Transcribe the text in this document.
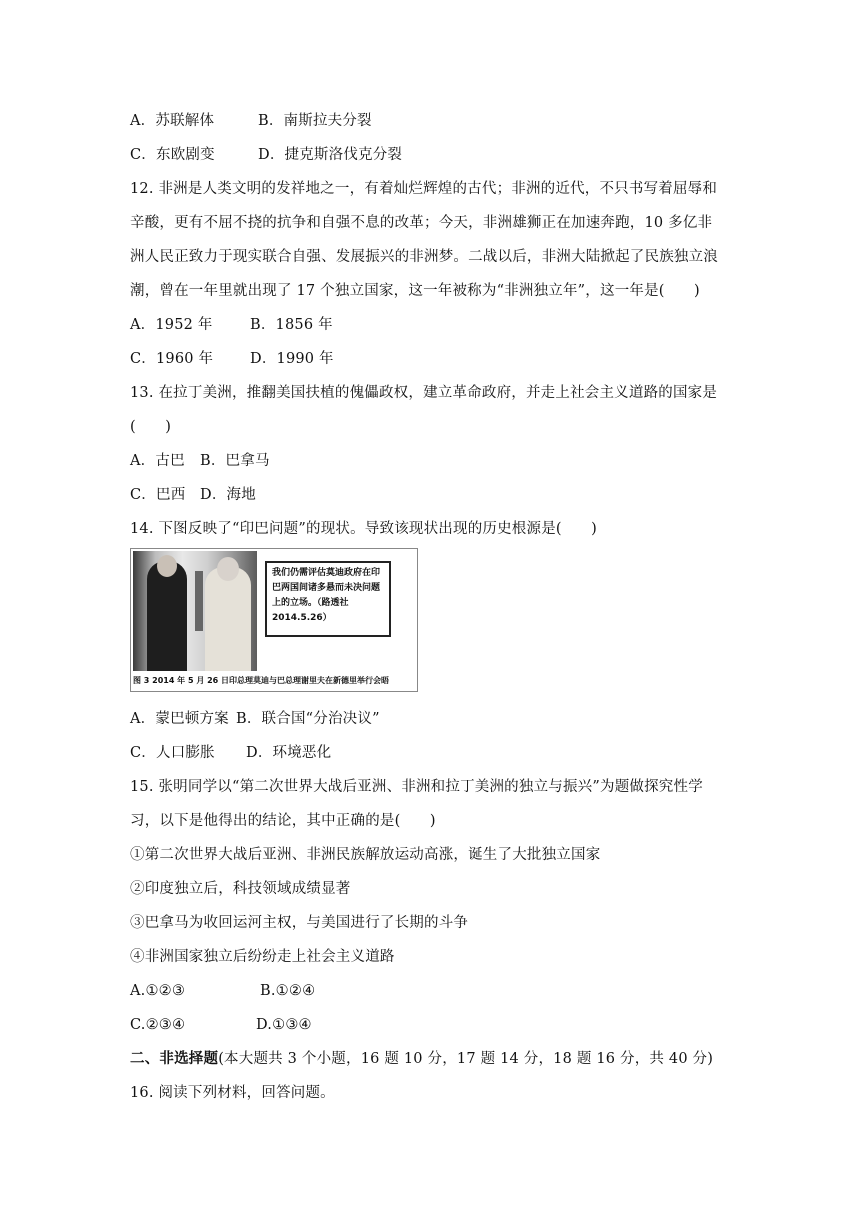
A．苏联解体	B．南斯拉夫分裂
C．东欧剧变	D．捷克斯洛伐克分裂
12. 非洲是人类文明的发祥地之一，有着灿烂辉煌的古代；非洲的近代，不只书写着屈辱和
辛酸，更有不屈不挠的抗争和自强不息的改革；今天，非洲雄狮正在加速奔跑，10 多亿非
洲人民正致力于现实联合自强、发展振兴的非洲梦。二战以后，非洲大陆掀起了民族独立浪
潮，曾在一年里就出现了 17 个独立国家，这一年被称为“非洲独立年”，这一年是(　　)
A．1952 年	B．1856 年
C．1960 年	D．1990 年
13. 在拉丁美洲，推翻美国扶植的傀儡政权，建立革命政府，并走上社会主义道路的国家是
(　　)
A．古巴 B．巴拿马
C．巴西 D．海地
14. 下图反映了“印巴问题”的现状。导致该现状出现的历史根源是(　　)
我们仍需评估莫迪政府在印巴两国间诸多悬而未决问题上的立场。（路透社2014.5.26）
图 3 2014 年 5 月 26 日印总理莫迪与巴总理谢里夫在新德里举行会晤
A．蒙巴顿方案 B．联合国“分治决议”
C．人口膨胀 D．环境恶化
15. 张明同学以“第二次世界大战后亚洲、非洲和拉丁美洲的独立与振兴”为题做探究性学
习，以下是他得出的结论，其中正确的是(　　)
①第二次世界大战后亚洲、非洲民族解放运动高涨，诞生了大批独立国家
②印度独立后，科技领域成绩显著
③巴拿马为收回运河主权，与美国进行了长期的斗争
④非洲国家独立后纷纷走上社会主义道路
A.①②③	B.①②④
C.②③④	D.①③④
二、非选择题(本大题共 3 个小题，16 题 10 分，17 题 14 分，18 题 16 分，共 40 分)
16. 阅读下列材料，回答问题。
